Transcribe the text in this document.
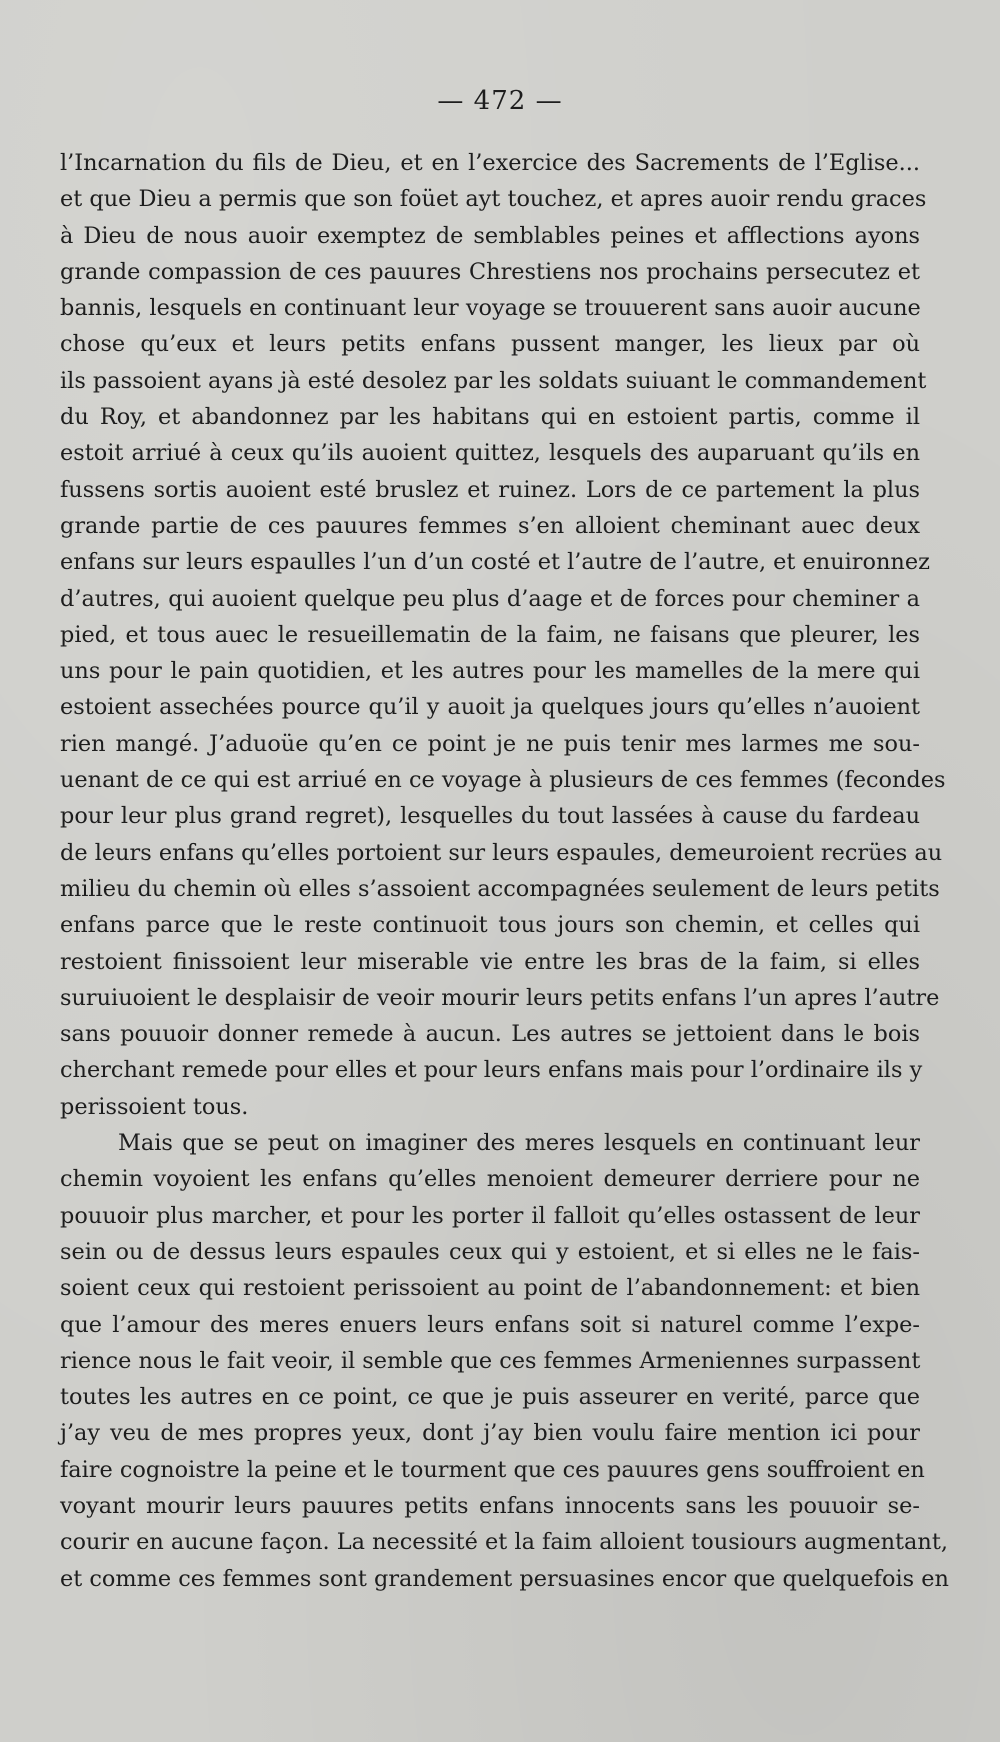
— 472 —
l’Incarnation du fils de Dieu, et en l’exercice des Sacrements de l’Eglise...
et que Dieu a permis que son foüet ayt touchez, et apres auoir rendu graces
à Dieu de nous auoir exemptez de semblables peines et afflections ayons
grande compassion de ces pauures Chrestiens nos prochains persecutez et
bannis, lesquels en continuant leur voyage se trouuerent sans auoir aucune
chose qu’eux et leurs petits enfans pussent manger, les lieux par où
ils passoient ayans jà esté desolez par les soldats suiuant le commandement
du Roy, et abandonnez par les habitans qui en estoient partis, comme il
estoit arriué à ceux qu’ils auoient quittez, lesquels des auparuant qu’ils en
fussens sortis auoient esté bruslez et ruinez. Lors de ce partement la plus
grande partie de ces pauures femmes s’en alloient cheminant auec deux
enfans sur leurs espaulles l’un d’un costé et l’autre de l’autre, et enuironnez
d’autres, qui auoient quelque peu plus d’aage et de forces pour cheminer a
pied, et tous auec le resueillematin de la faim, ne faisans que pleurer, les
uns pour le pain quotidien, et les autres pour les mamelles de la mere qui
estoient assechées pource qu’il y auoit ja quelques jours qu’elles n’auoient
rien mangé. J’aduoüe qu’en ce point je ne puis tenir mes larmes me sou-
uenant de ce qui est arriué en ce voyage à plusieurs de ces femmes (fecondes
pour leur plus grand regret), lesquelles du tout lassées à cause du fardeau
de leurs enfans qu’elles portoient sur leurs espaules, demeuroient recrües au
milieu du chemin où elles s’assoient accompagnées seulement de leurs petits
enfans parce que le reste continuoit tous jours son chemin, et celles qui
restoient finissoient leur miserable vie entre les bras de la faim, si elles
suruiuoient le desplaisir de veoir mourir leurs petits enfans l’un apres l’autre
sans pouuoir donner remede à aucun. Les autres se jettoient dans le bois
cherchant remede pour elles et pour leurs enfans mais pour l’ordinaire ils y
perissoient tous.
Mais que se peut on imaginer des meres lesquels en continuant leur
chemin voyoient les enfans qu’elles menoient demeurer derriere pour ne
pouuoir plus marcher, et pour les porter il falloit qu’elles ostassent de leur
sein ou de dessus leurs espaules ceux qui y estoient, et si elles ne le fais-
soient ceux qui restoient perissoient au point de l’abandonnement: et bien
que l’amour des meres enuers leurs enfans soit si naturel comme l’expe-
rience nous le fait veoir, il semble que ces femmes Armeniennes surpassent
toutes les autres en ce point, ce que je puis asseurer en verité, parce que
j’ay veu de mes propres yeux, dont j’ay bien voulu faire mention ici pour
faire cognoistre la peine et le tourment que ces pauures gens souffroient en
voyant mourir leurs pauures petits enfans innocents sans les pouuoir se-
courir en aucune façon. La necessité et la faim alloient tousiours augmentant,
et comme ces femmes sont grandement persuasines encor que quelquefois en
